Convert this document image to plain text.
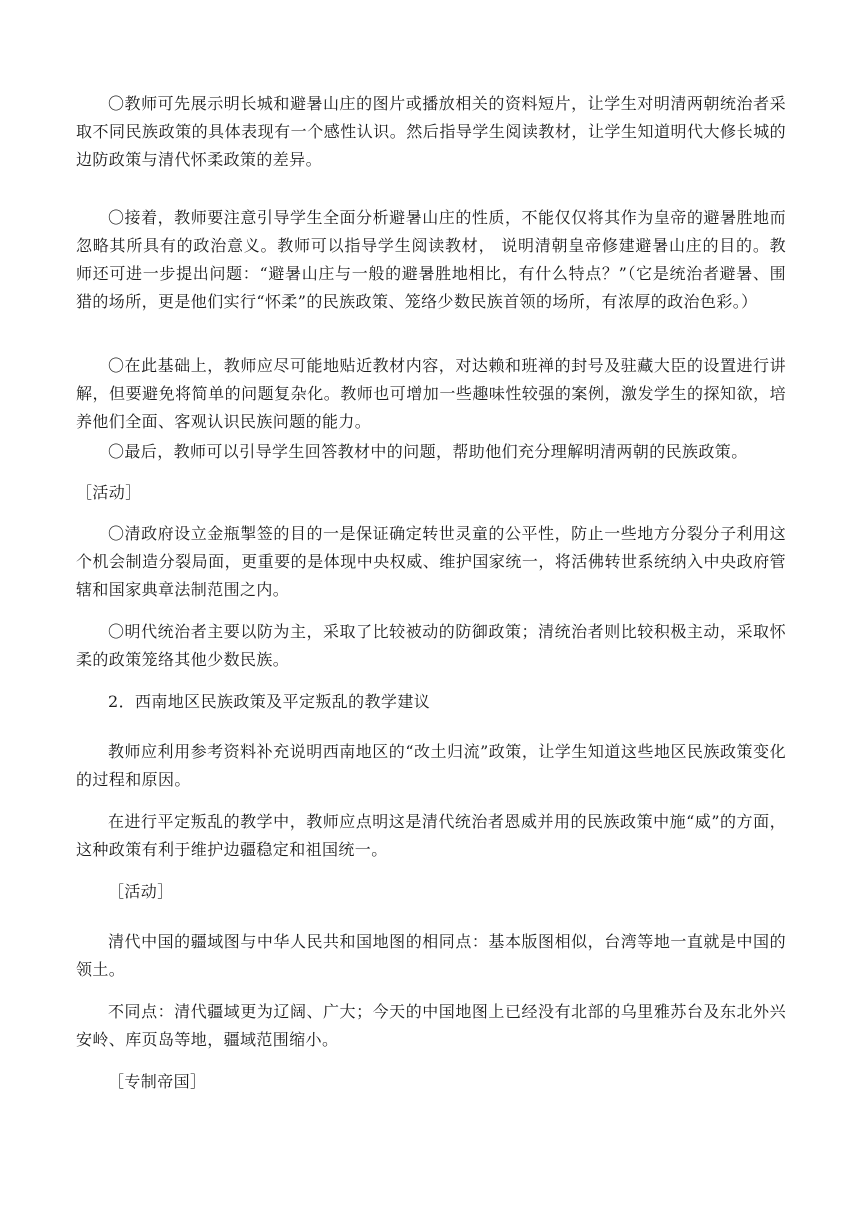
〇教师可先展示明长城和避暑山庄的图片或播放相关的资料短片，让学生对明清两朝统治者采取不同民族政策的具体表现有一个感性认识。然后指导学生阅读教材，让学生知道明代大修长城的边防政策与清代怀柔政策的差异。

〇接着，教师要注意引导学生全面分析避暑山庄的性质，不能仅仅将其作为皇帝的避暑胜地而忽略其所具有的政治意义。教师可以指导学生阅读教材， 说明清朝皇帝修建避暑山庄的目的。教师还可进一步提出问题：“避暑山庄与一般的避暑胜地相比，有什么特点？”（它是统治者避暑、围猎的场所，更是他们实行“怀柔”的民族政策、笼络少数民族首领的场所，有浓厚的政治色彩。）

〇在此基础上，教师应尽可能地贴近教材内容，对达赖和班禅的封号及驻藏大臣的设置进行讲解，但要避免将简单的问题复杂化。教师也可增加一些趣味性较强的案例，激发学生的探知欲，培养他们全面、客观认识民族问题的能力。

〇最后，教师可以引导学生回答教材中的问题，帮助他们充分理解明清两朝的民族政策。

［活动］

〇清政府设立金瓶掣签的目的一是保证确定转世灵童的公平性，防止一些地方分裂分子利用这个机会制造分裂局面，更重要的是体现中央权威、维护国家统一，将活佛转世系统纳入中央政府管辖和国家典章法制范围之内。

〇明代统治者主要以防为主，采取了比较被动的防御政策；清统治者则比较积极主动，采取怀柔的政策笼络其他少数民族。

2．西南地区民族政策及平定叛乱的教学建议

教师应利用参考资料补充说明西南地区的“改土归流”政策，让学生知道这些地区民族政策变化的过程和原因。

在进行平定叛乱的教学中，教师应点明这是清代统治者恩威并用的民族政策中施“威”的方面，这种政策有利于维护边疆稳定和祖国统一。

［活动］

清代中国的疆域图与中华人民共和国地图的相同点：基本版图相似，台湾等地一直就是中国的领土。

不同点：清代疆域更为辽阔、广大；今天的中国地图上已经没有北部的乌里雅苏台及东北外兴安岭、库页岛等地，疆域范围缩小。

［专制帝国］
